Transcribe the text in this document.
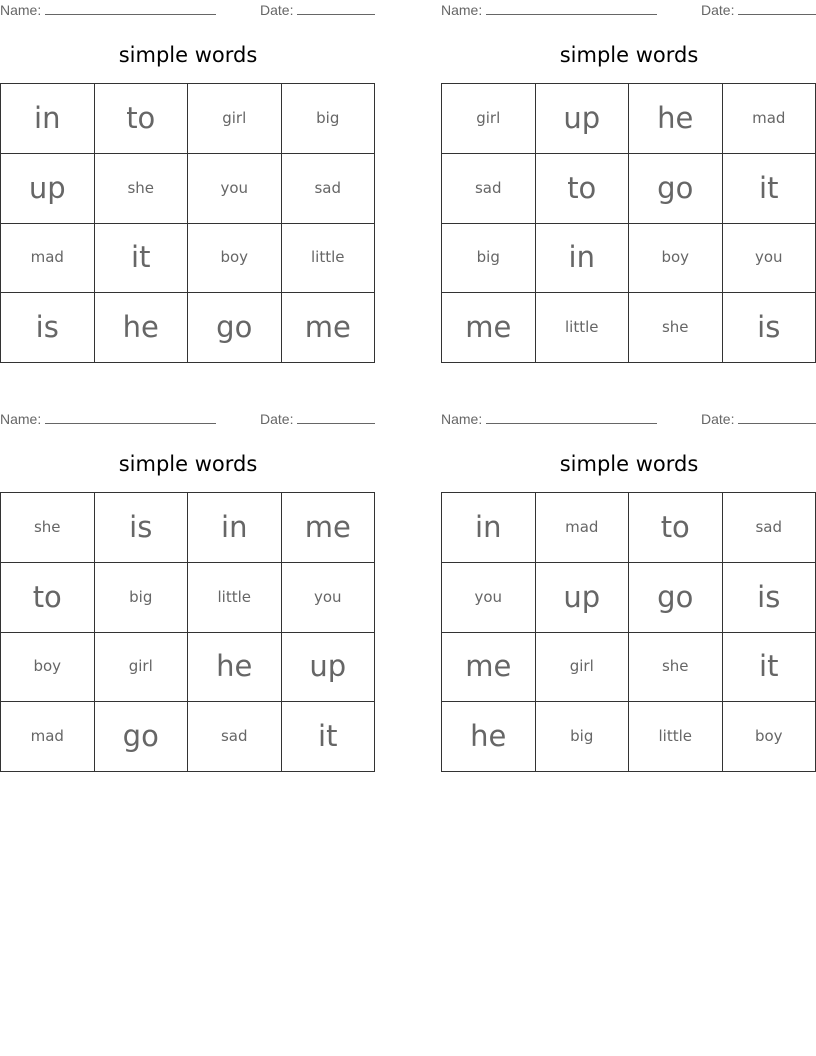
Name:	Date:
simple words
in	to	girl	big
up	she	you	sad
mad	it	boy	little
is	he	go	me
Name:	Date:
simple words
girl	up	he	mad
sad	to	go	it
big	in	boy	you
me	little	she	is
Name:	Date:
simple words
she	is	in	me
to	big	little	you
boy	girl	he	up
mad	go	sad	it
Name:	Date:
simple words
in	mad	to	sad
you	up	go	is
me	girl	she	it
he	big	little	boy
